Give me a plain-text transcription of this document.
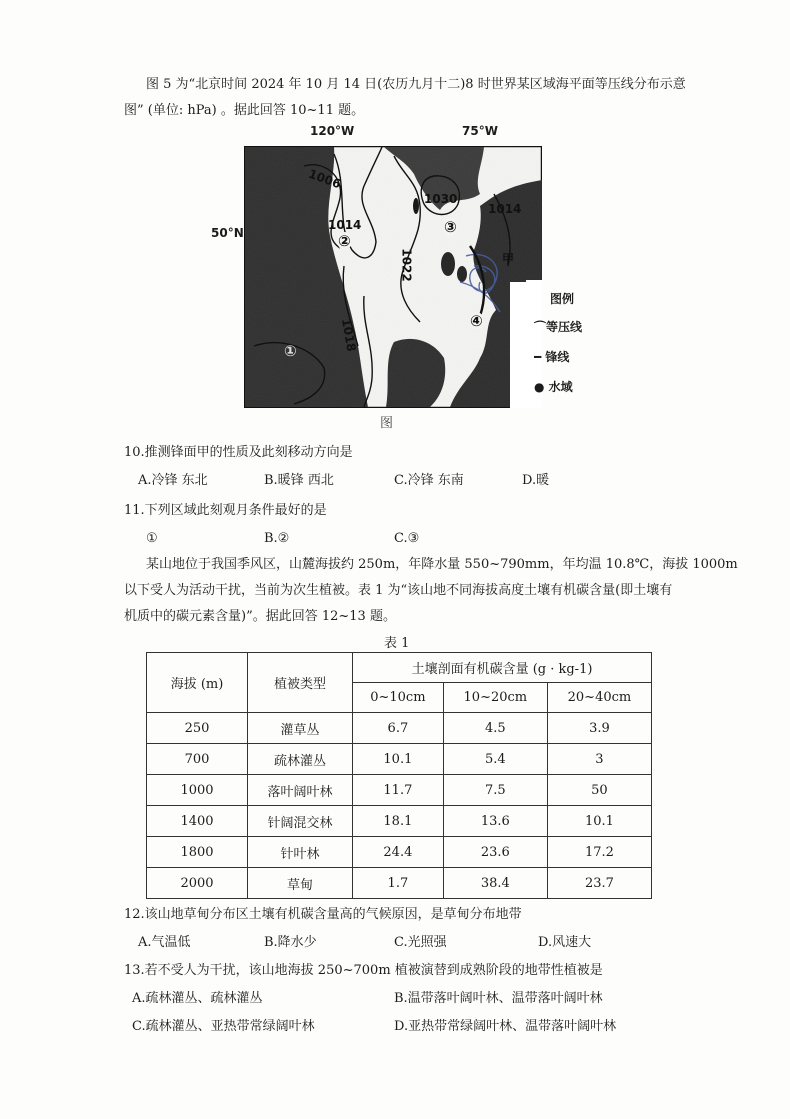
图 5 为“北京时间 2024 年 10 月 14 日(农历九月十二)8 时世界某区域海平面等压线分布示意
图” (单位: hPa) 。据此回答 10~11 题。
120°W	75°W
50°N
1006
1014
1030
1014
1022
1018
①
②
③
④
甲
图例
⌒等压线
━ 锋线
● 水域
图
10.推测锋面甲的性质及此刻移动方向是
A.冷锋 东北	B.暖锋 西北	C.冷锋 东南	D.暖
11.下列区域此刻观月条件最好的是
①	B.②	C.③
某山地位于我国季风区，山麓海拔约 250m，年降水量 550~790mm，年均温 10.8℃，海拔 1000m
以下受人为活动干扰，当前为次生植被。表 1 为“该山地不同海拔高度土壤有机碳含量(即土壤有
机质中的碳元素含量)”。据此回答 12~13 题。
表 1
海拔 (m)	植被类型	土壤剖面有机碳含量 (g · kg-1)		
		0~10cm	10~20cm	20~40cm
250	灌草丛	6.7	4.5	3.9
700	疏林灌丛	10.1	5.4	3
1000	落叶阔叶林	11.7	7.5	50
1400	针阔混交林	18.1	13.6	10.1
1800	针叶林	24.4	23.6	17.2
2000	草甸	1.7	38.4	23.7
12.该山地草甸分布区土壤有机碳含量高的气候原因，是草甸分布地带
A.气温低	B.降水少	C.光照强	D.风速大
13.若不受人为干扰，该山地海拔 250~700m 植被演替到成熟阶段的地带性植被是
A.疏林灌丛、疏林灌丛	B.温带落叶阔叶林、温带落叶阔叶林
C.疏林灌丛、亚热带常绿阔叶林	D.亚热带常绿阔叶林、温带落叶阔叶林
